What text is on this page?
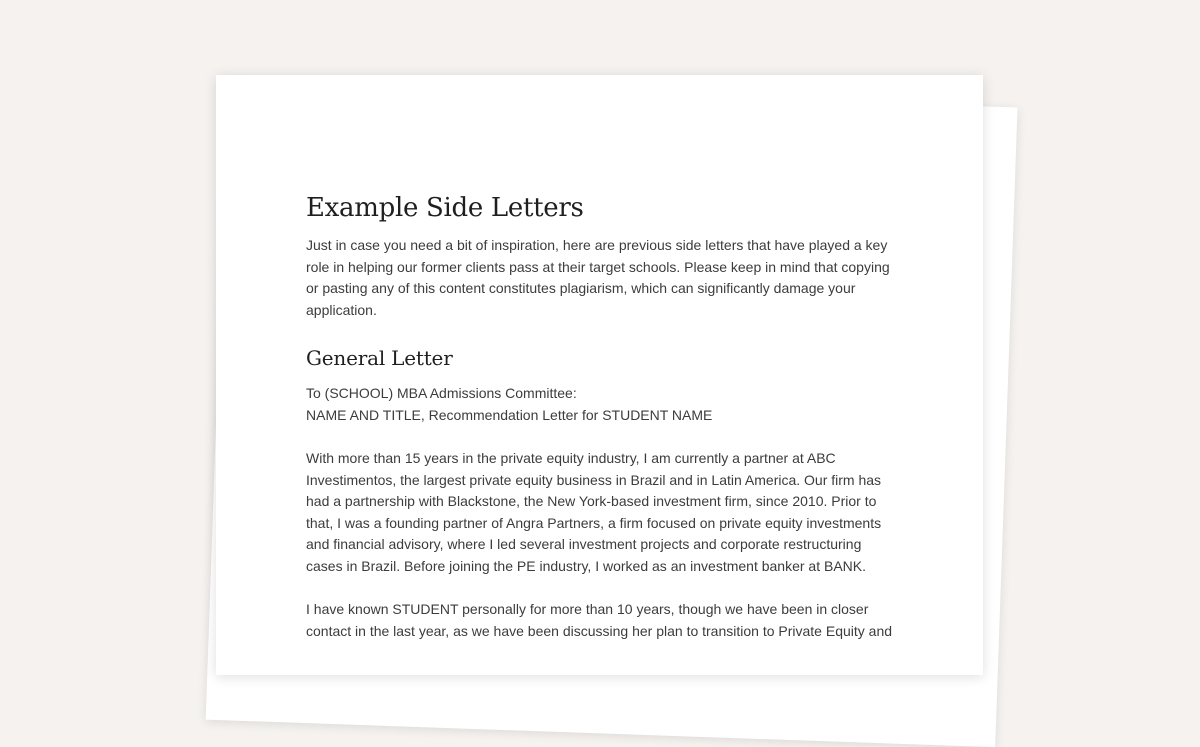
Example Side Letters

Just in case you need a bit of inspiration, here are previous side letters that have played a key role in helping our former clients pass at their target schools. Please keep in mind that copying or pasting any of this content constitutes plagiarism, which can significantly damage your application.

General Letter
To (SCHOOL) MBA Admissions Committee:
NAME AND TITLE, Recommendation Letter for STUDENT NAME

With more than 15 years in the private equity industry, I am currently a partner at ABC Investimentos, the largest private equity business in Brazil and in Latin America. Our firm has had a partnership with Blackstone, the New York-based investment firm, since 2010. Prior to that, I was a founding partner of Angra Partners, a firm focused on private equity investments and financial advisory, where I led several investment projects and corporate restructuring cases in Brazil. Before joining the PE industry, I worked as an investment banker at BANK.

I have known STUDENT personally for more than 10 years, though we have been in closer contact in the last year, as we have been discussing her plan to transition to Private Equity and
